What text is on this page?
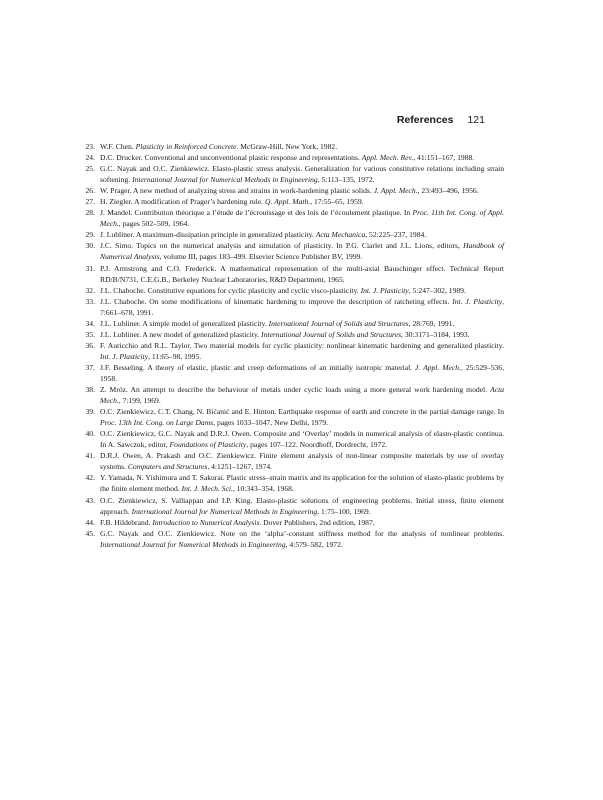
References 121
23. W.F. Chen. Plasticity in Reinforced Concrete. McGraw-Hill, New York, 1982.
24. D.C. Drucker. Conventional and unconventional plastic response and representations. Appl. Mech. Rev., 41:151–167, 1988.
25. G.C. Nayak and O.C. Zienkiewicz. Elasto-plastic stress analysis. Generalization for various constitutive relations including strain softening. International Journal for Numerical Methods in Engineering, 5:113–135, 1972.
26. W. Prager. A new method of analyzing stress and strains in work-hardening plastic solids. J. Appl. Mech., 23:493–496, 1956.
27. H. Ziegler. A modification of Prager’s hardening rule. Q. Appl. Math., 17:55–65, 1959.
28. J. Mandel. Contribution théorique a l’étude de l’écrouissage et des lois de l’écoulement plastique. In Proc. 11th Int. Cong. of Appl. Mech., pages 502–509, 1964.
29. J. Lubliner. A maximum-dissipation principle in generalized plasticity. Acta Mechanica, 52:225–237, 1984.
30. J.C. Simo. Topics on the numerical analysis and simulation of plasticity. In P.G. Ciarlet and J.L. Lions, editors, Handbook of Numerical Analysis, volume III, pages 183–499. Elsevier Science Publisher BV, 1999.
31. P.J. Armstrong and C.O. Frederick. A mathematical representation of the multi-axial Bauschinger effect. Technical Report RD/B/N731, C.E.G.B., Berkeley Nuclear Laboratories, R&D Department, 1965.
32. J.L. Chaboche. Constitutive equations for cyclic plasticity and cyclic visco-plasticity. Int. J. Plasticity, 5:247–302, 1989.
33. J.L. Chaboche. On some modifications of kinematic hardening to improve the description of ratcheting effects. Int. J. Plasticity, 7:661–678, 1991.
34. J.L. Lubliner. A simple model of generalized plasticity. International Journal of Solids and Structures, 28:769, 1991.
35. J.L. Lubliner. A new model of generalized plasticity. International Journal of Solids and Structures, 30:3171–3184, 1993.
36. F. Auricchio and R.L. Taylor. Two material models for cyclic plasticity: nonlinear kinematic hardening and generalized plasticity. Int. J. Plasticity, 11:65–98, 1995.
37. J.F. Besseling. A theory of elastic, plastic and creep deformations of an initially isotropic material. J. Appl. Mech., 25:529–536, 1958.
38. Z. Mróz. An attempt to describe the behaviour of metals under cyclic loads using a more general work hardening model. Acta Mech., 7:199, 1969.
39. O.C. Zienkiewicz, C.T. Chang, N. Bićanić and E. Hinton. Earthquake response of earth and concrete in the partial damage range. In Proc. 13th Int. Cong. on Large Dams, pages 1033–1047, New Delhi, 1979.
40. O.C. Zienkiewicz, G.C. Nayak and D.R.J. Owen. Composite and ‘Overlay’ models in numerical analysis of elasto-plastic continua. In A. Sawczuk, editor, Foundations of Plasticity, pages 107–122. Noordhoff, Dordrecht, 1972.
41. D.R.J. Owen, A. Prakash and O.C. Zienkiewicz. Finite element analysis of non-linear composite materials by use of overlay systems. Computers and Structures, 4:1251–1267, 1974.
42. Y. Yamada, N. Yishimura and T. Sakurai. Plastic stress–strain matrix and its application for the solution of elasto-plastic problems by the finite element method. Int. J. Mech. Sci., 10:343–354, 1968.
43. O.C. Zienkiewicz, S. Valliappan and I.P. King. Elasto-plastic solutions of engineering problems. Initial stress, finite element approach. International Journal for Numerical Methods in Engineering, 1:75–100, 1969.
44. F.B. Hildebrand. Introduction to Numerical Analysis. Dover Publishers, 2nd edition, 1987.
45. G.C. Nayak and O.C. Zienkiewicz. Note on the ‘alpha’-constant stiffness method for the analysis of nonlinear problems. International Journal for Numerical Methods in Engineering, 4:579–582, 1972.
